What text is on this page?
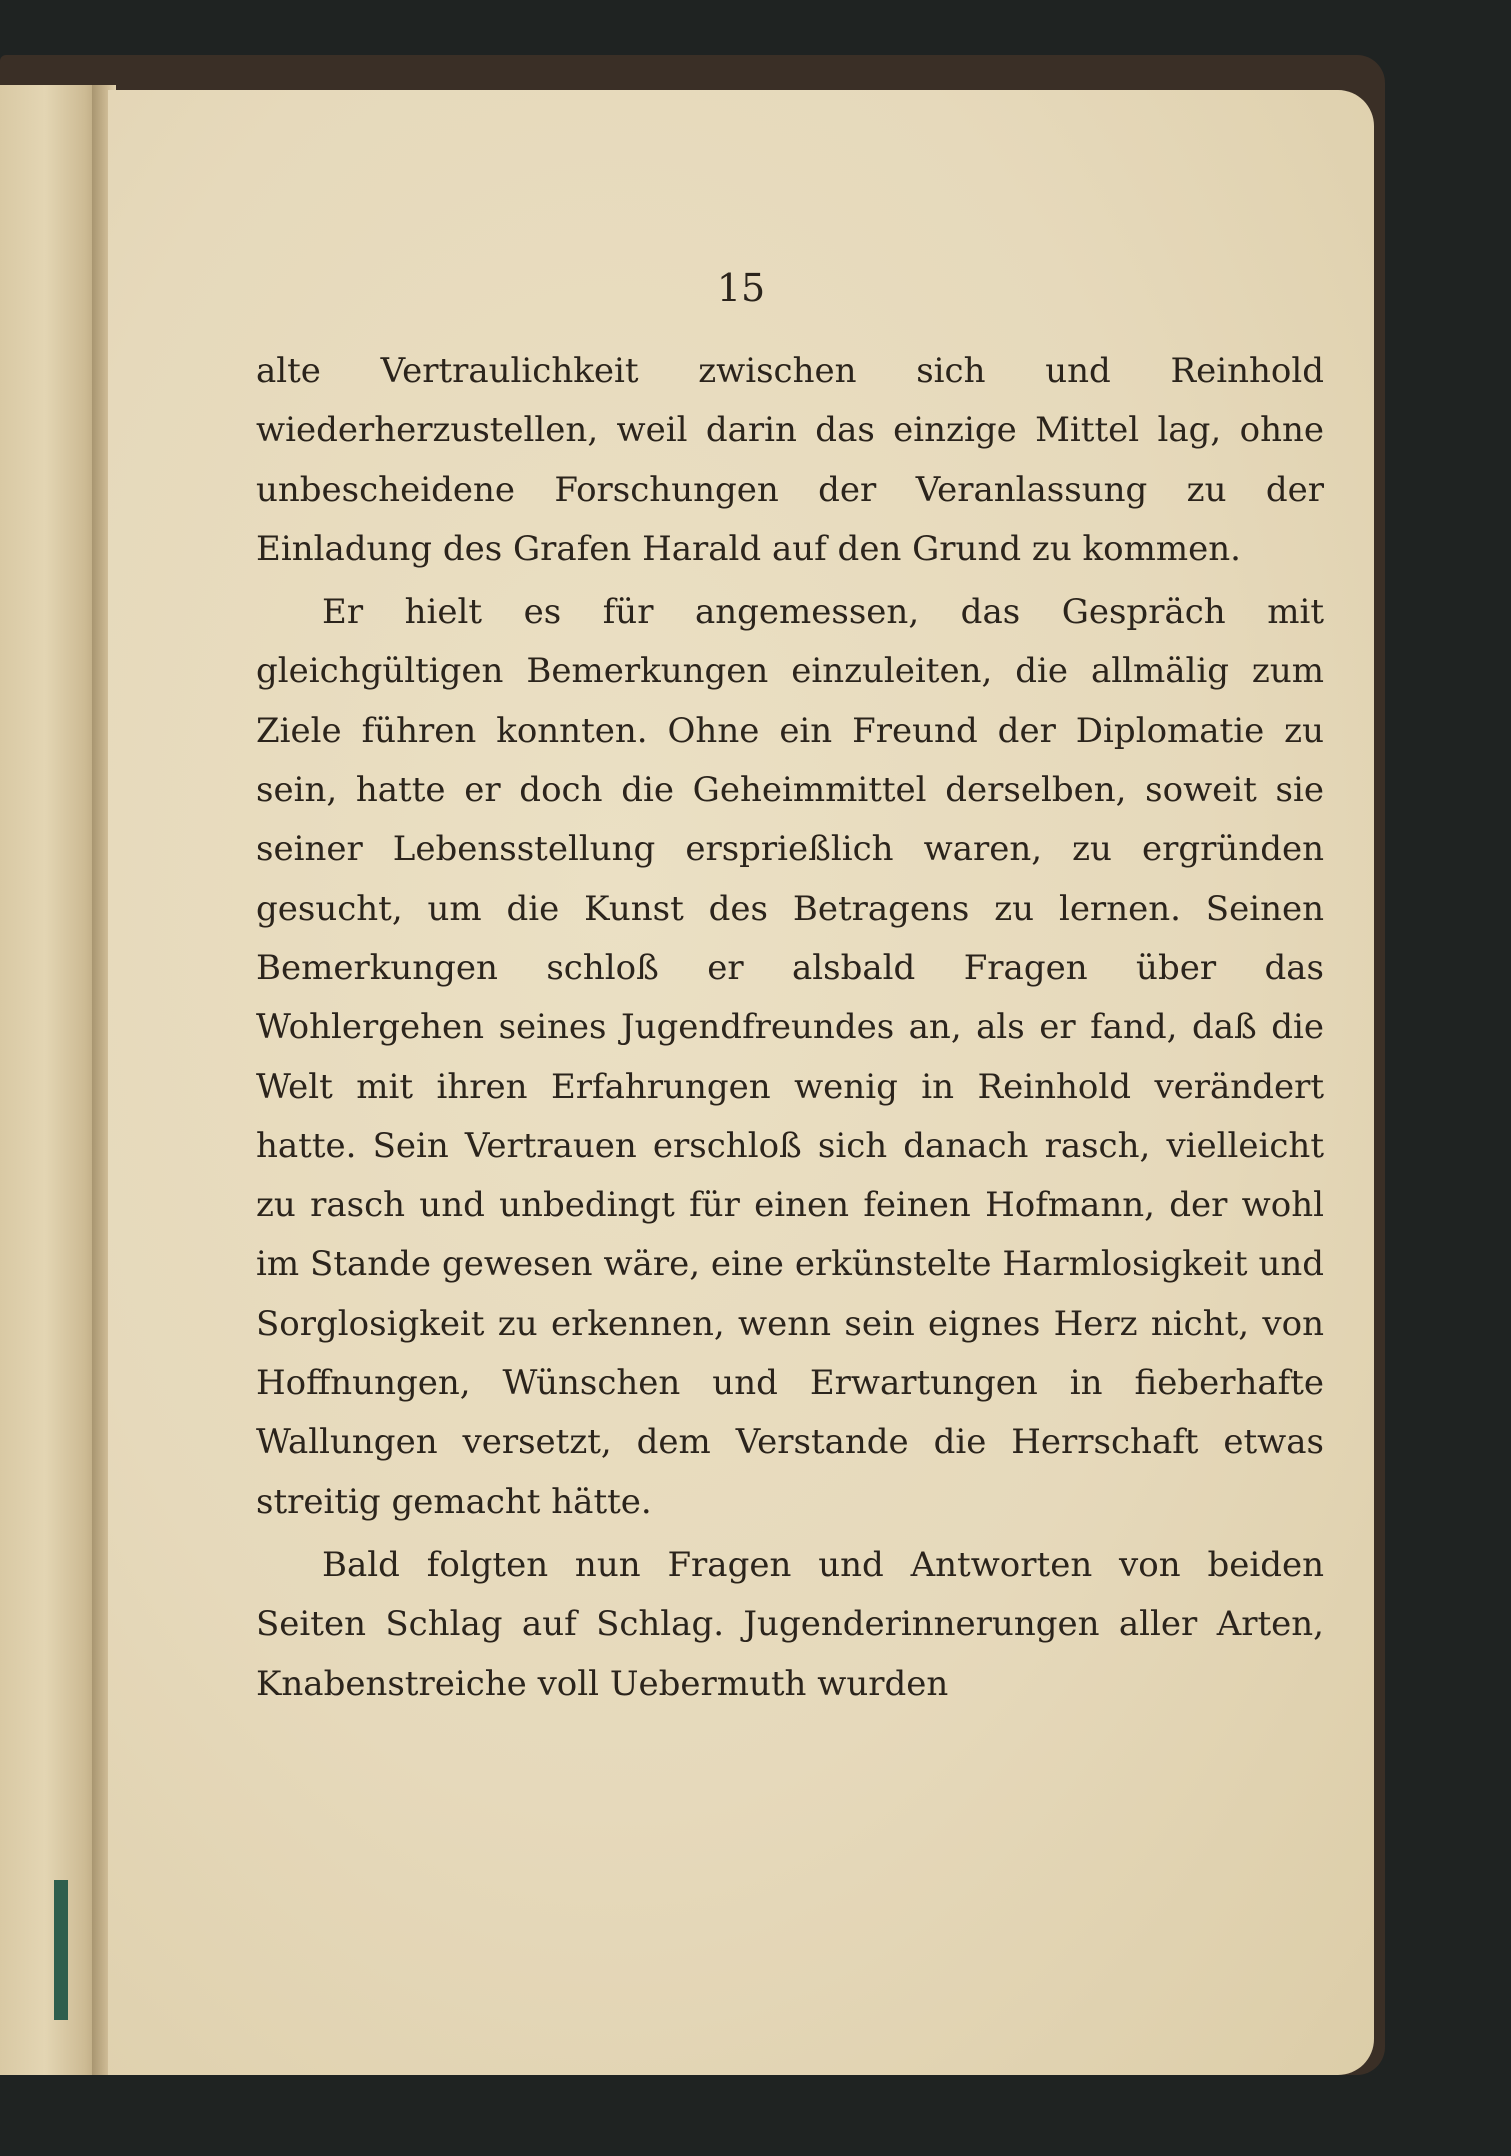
15

alte Vertraulichkeit zwischen sich und Reinhold wiederherzustellen, weil darin das einzige Mittel lag, ohne unbescheidene Forschungen der Veranlassung zu der Einladung des Grafen Harald auf den Grund zu kommen.

Er hielt es für angemessen, das Gespräch mit gleichgültigen Bemerkungen einzuleiten, die allmälig zum Ziele führen konnten. Ohne ein Freund der Diplomatie zu sein, hatte er doch die Geheimmittel derselben, soweit sie seiner Lebensstellung ersprießlich waren, zu ergründen gesucht, um die Kunst des Betragens zu lernen. Seinen Bemerkungen schloß er alsbald Fragen über das Wohlergehen seines Jugendfreundes an, als er fand, daß die Welt mit ihren Erfahrungen wenig in Reinhold verändert hatte. Sein Vertrauen erschloß sich danach rasch, vielleicht zu rasch und unbedingt für einen feinen Hofmann, der wohl im Stande gewesen wäre, eine erkünstelte Harmlosigkeit und Sorglosigkeit zu erkennen, wenn sein eignes Herz nicht, von Hoffnungen, Wünschen und Erwartungen in fieberhafte Wallungen versetzt, dem Verstande die Herrschaft etwas streitig gemacht hätte.

Bald folgten nun Fragen und Antworten von beiden Seiten Schlag auf Schlag. Jugenderinnerungen aller Arten, Knabenstreiche voll Uebermuth wurden
